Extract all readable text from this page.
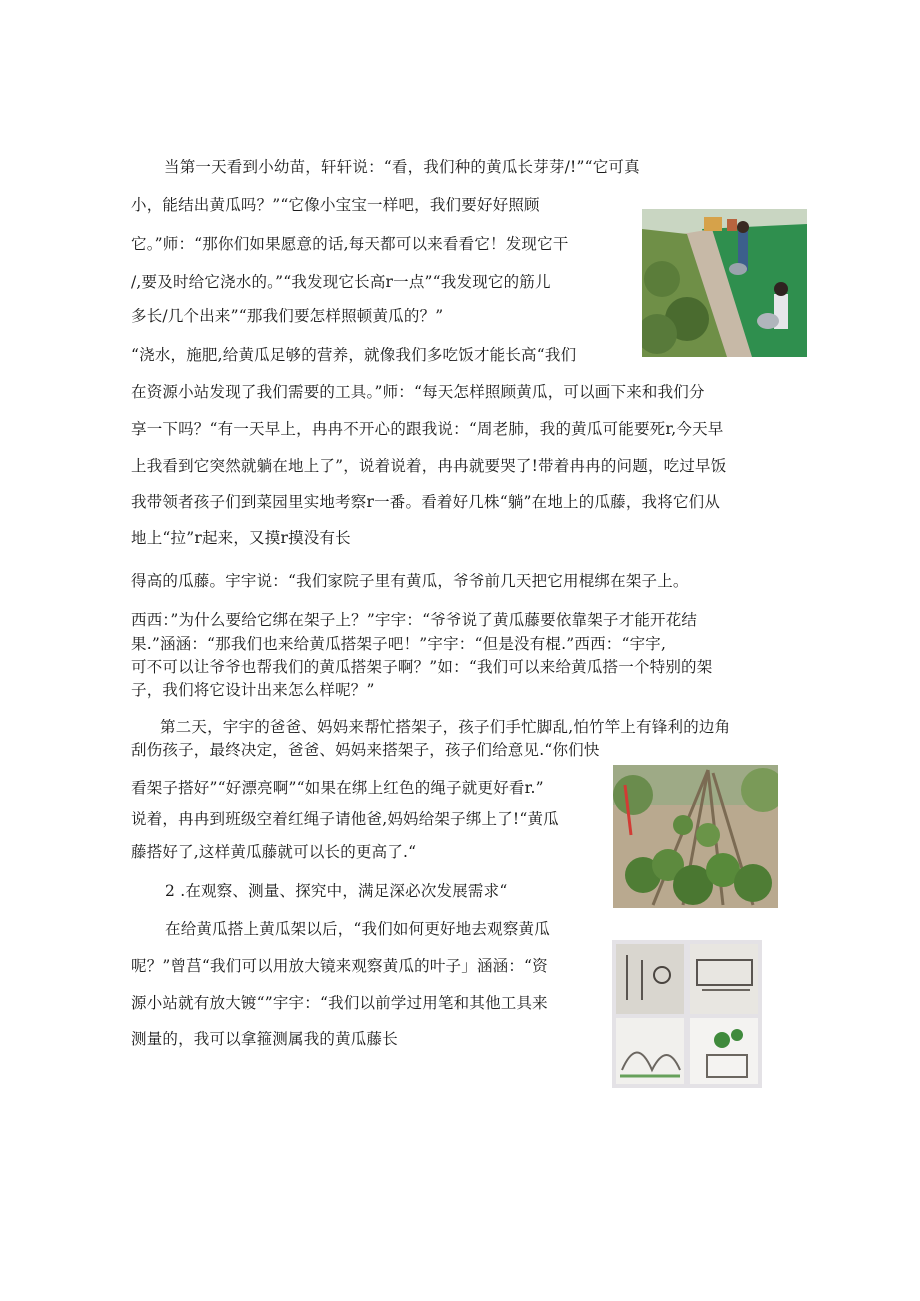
当第一天看到小幼苗，轩轩说：“看，我们种的黄瓜长芽芽/!”“它可真
小，能结出黄瓜吗？”“它像小宝宝一样吧，我们要好好照顾
它。”师：“那你们如果愿意的话,每天都可以来看看它！发现它干
/,要及时给它浇水的。”“我发现它长高r一点”“我发现它的筋儿
多长/几个出来”“那我们要怎样照顿黄瓜的？”
“浇水，施肥,给黄瓜足够的营养，就像我们多吃饭才能长高“我们
在资源小站发现了我们需要的工具。”师：“每天怎样照顾黄瓜，可以画下来和我们分
享一下吗？“有一天早上，冉冉不开心的跟我说：“周老肺，我的黄瓜可能要死r,今天早
上我看到它突然就躺在地上了”，说着说着，冉冉就要哭了!带着冉冉的问题，吃过早饭
我带领者孩子们到菜园里实地考察r一番。看着好几株“躺”在地上的瓜藤，我将它们从
地上“拉”r起来，又摸r摸没有长
得高的瓜藤。宇宇说：“我们家院子里有黄瓜，爷爷前几天把它用棍绑在架子上。
西西：”为什么要给它绑在架子上？”宇宇：“爷爷说了黄瓜藤要依靠架子才能开花结
果.”涵涵：“那我们也来给黄瓜搭架子吧！”宇宇：“但是没有棍.”西西：“宇宇,
可不可以让爷爷也帮我们的黄瓜搭架子啊？”如：“我们可以来给黄瓜搭一个特别的架
子，我们将它设计出来怎么样呢？”
第二天，宇宇的爸爸、妈妈来帮忙搭架子，孩子们手忙脚乱,怕竹竿上有锋利的边角
刮伤孩子，最终决定，爸爸、妈妈来搭架子，孩子们给意见.“你们快
看架子搭好”“好漂亮啊”“如果在绑上红色的绳子就更好看r.”
说着，冉冉到班级空着红绳子请他爸,妈妈给架子绑上了!“黄瓜
藤搭好了,这样黄瓜藤就可以长的更高了.“
2 .在观察、测量、探究中，满足深必次发展需求“
在给黄瓜搭上黄瓜架以后，“我们如何更好地去观察黄瓜
呢？”曾莒“我们可以用放大镜来观察黄瓜的叶子」涵涵：“资
源小站就有放大镀“”宇宇：“我们以前学过用笔和其他工具来
测量的，我可以拿箍测属我的黄瓜藤长
